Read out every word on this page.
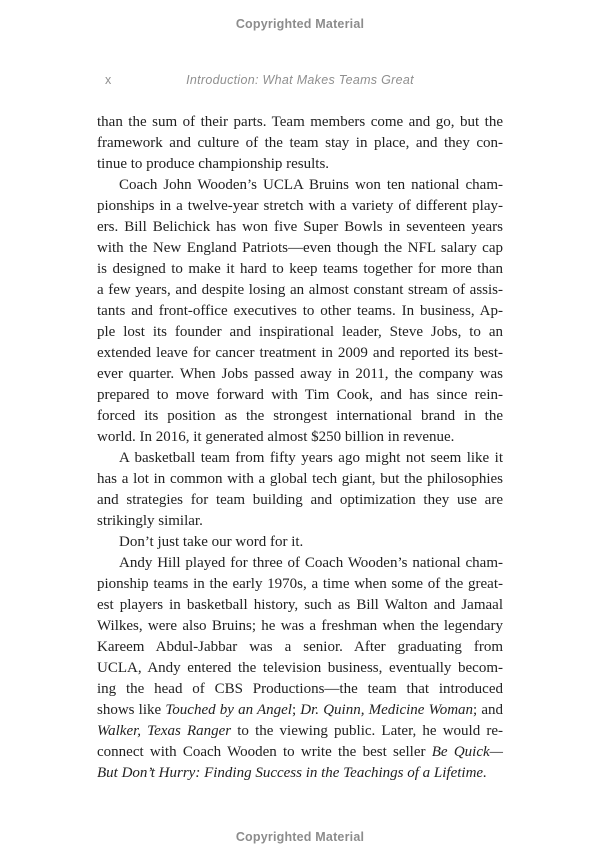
Copyrighted Material
x	Introduction: What Makes Teams Great
than the sum of their parts. Team members come and go, but the
framework and culture of the team stay in place, and they con-
tinue to produce championship results.
Coach John Wooden’s UCLA Bruins won ten national cham-
pionships in a twelve-year stretch with a variety of different play-
ers. Bill Belichick has won five Super Bowls in seventeen years
with the New England Patriots—even though the NFL salary cap
is designed to make it hard to keep teams together for more than
a few years, and despite losing an almost constant stream of assis-
tants and front-office executives to other teams. In business, Ap-
ple lost its founder and inspirational leader, Steve Jobs, to an
extended leave for cancer treatment in 2009 and reported its best-
ever quarter. When Jobs passed away in 2011, the company was
prepared to move forward with Tim Cook, and has since rein-
forced its position as the strongest international brand in the
world. In 2016, it generated almost $250 billion in revenue.
A basketball team from fifty years ago might not seem like it
has a lot in common with a global tech giant, but the philosophies
and strategies for team building and optimization they use are
strikingly similar.
Don’t just take our word for it.
Andy Hill played for three of Coach Wooden’s national cham-
pionship teams in the early 1970s, a time when some of the great-
est players in basketball history, such as Bill Walton and Jamaal
Wilkes, were also Bruins; he was a freshman when the legendary
Kareem Abdul-Jabbar was a senior. After graduating from
UCLA, Andy entered the television business, eventually becom-
ing the head of CBS Productions—the team that introduced
shows like Touched by an Angel; Dr. Quinn, Medicine Woman; and
Walker, Texas Ranger to the viewing public. Later, he would re-
connect with Coach Wooden to write the best seller Be Quick—
But Don’t Hurry: Finding Success in the Teachings of a Lifetime.
Copyrighted Material
